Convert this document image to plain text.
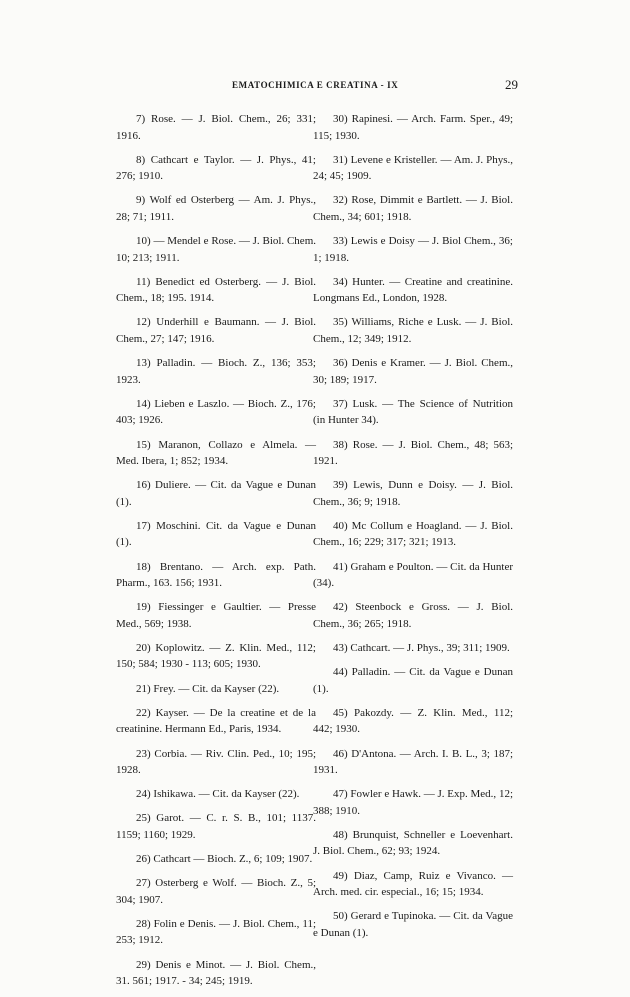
EMATOCHIMICA E CREATINA - IX	29

7) Rose. — J. Biol. Chem., 26; 331; 1916.

8) Cathcart e Taylor. — J. Phys., 41; 276; 1910.

9) Wolf ed Osterberg — Am. J. Phys., 28; 71; 1911.

10) — Mendel e Rose. — J. Biol. Chem. 10; 213; 1911.

11) Benedict ed Osterberg. — J. Biol. Chem., 18; 195. 1914.

12) Underhill e Baumann. — J. Biol. Chem., 27; 147; 1916.

13) Palladin. — Bioch. Z., 136; 353; 1923.

14) Lieben e Laszlo. — Bioch. Z., 176; 403; 1926.

15) Maranon, Collazo e Almela. — Med. Ibera, 1; 852; 1934.

16) Duliere. — Cit. da Vague e Dunan (1).

17) Moschini. Cit. da Vague e Dunan (1).

18) Brentano. — Arch. exp. Path. Pharm., 163. 156; 1931.

19) Fiessinger e Gaultier. — Presse Med., 569; 1938.

20) Koplowitz. — Z. Klin. Med., 112; 150; 584; 1930 - 113; 605; 1930.

21) Frey. — Cit. da Kayser (22).

22) Kayser. — De la creatine et de la creatinine. Hermann Ed., Paris, 1934.

23) Corbia. — Riv. Clin. Ped., 10; 195; 1928.

24) Ishikawa. — Cit. da Kayser (22).

25) Garot. — C. r. S. B., 101; 1137. 1159; 1160; 1929.

26) Cathcart — Bioch. Z., 6; 109; 1907.

27) Osterberg e Wolf. — Bioch. Z., 5; 304; 1907.

28) Folin e Denis. — J. Biol. Chem., 11; 253; 1912.

29) Denis e Minot. — J. Biol. Chem., 31. 561; 1917. - 34; 245; 1919.

30) Rapinesi. — Arch. Farm. Sper., 49; 115; 1930.

31) Levene e Kristeller. — Am. J. Phys., 24; 45; 1909.

32) Rose, Dimmit e Bartlett. — J. Biol. Chem., 34; 601; 1918.

33) Lewis e Doisy — J. Biol Chem., 36; 1; 1918.

34) Hunter. — Creatine and creatinine. Longmans Ed., London, 1928.

35) Williams, Riche e Lusk. — J. Biol. Chem., 12; 349; 1912.

36) Denis e Kramer. — J. Biol. Chem., 30; 189; 1917.

37) Lusk. — The Science of Nutrition (in Hunter 34).

38) Rose. — J. Biol. Chem., 48; 563; 1921.

39) Lewis, Dunn e Doisy. — J. Biol. Chem., 36; 9; 1918.

40) Mc Collum e Hoagland. — J. Biol. Chem., 16; 229; 317; 321; 1913.

41) Graham e Poulton. — Cit. da Hunter (34).

42) Steenbock e Gross. — J. Biol. Chem., 36; 265; 1918.

43) Cathcart. — J. Phys., 39; 311; 1909.

44) Palladin. — Cit. da Vague e Dunan (1).

45) Pakozdy. — Z. Klin. Med., 112; 442; 1930.

46) D'Antona. — Arch. I. B. L., 3; 187; 1931.

47) Fowler e Hawk. — J. Exp. Med., 12; 388; 1910.

48) Brunquist, Schneller e Loevenhart. J. Biol. Chem., 62; 93; 1924.

49) Diaz, Camp, Ruiz e Vivanco. — Arch. med. cir. especial., 16; 15; 1934.

50) Gerard e Tupinoka. — Cit. da Vague e Dunan (1).
